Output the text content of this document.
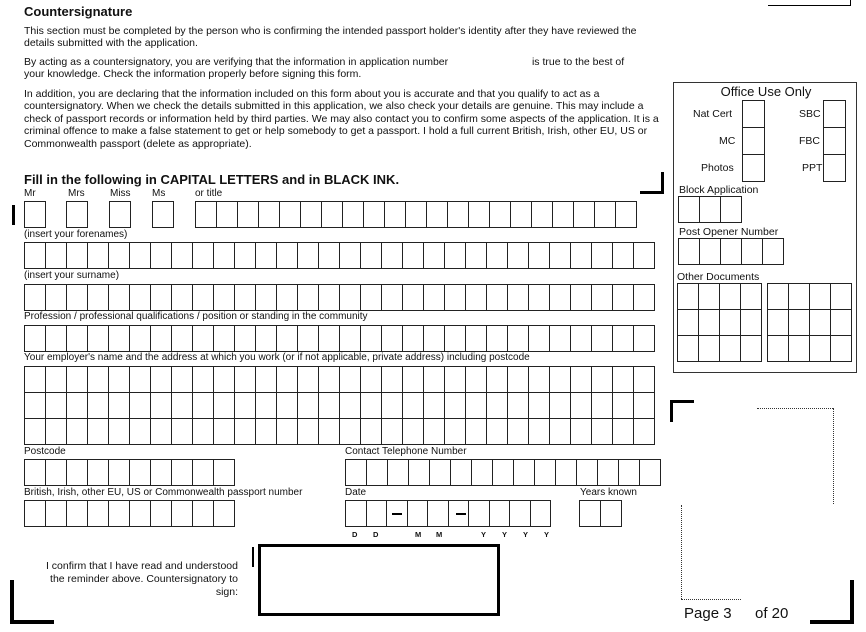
Countersignature
This section must be completed by the person who is confirming the intended passport holder's identity after they have reviewed the details submitted with the application.
By acting as a countersignatory, you are verifying that the information in application number	is true to the best of
your knowledge. Check the information properly before signing this form.
In addition, you are declaring that the information included on this form about you is accurate and that you qualify to act as a countersignatory. When we check the details submitted in this application, we also check your details are genuine. This may include a check of passport records or information held by third parties. We may also contact you to confirm some aspects of the application. It is a criminal offence to make a false statement to get or help somebody to get a passport. I hold a full current British, Irish, other EU, US or Commonwealth passport (delete as appropriate).
Fill in the following in CAPITAL LETTERS and in BLACK INK.
Mr	Mrs	Miss Ms	or title
(insert your forenames)
(insert your surname)
Profession / professional qualifications / position or standing in the community
Your employer's name and the address at which you work (or if not applicable, private address) including postcode
Postcode	Contact Telephone Number
British, Irish, other EU, US or Commonwealth passport number	Date	Years known
D D	M M	Y Y Y Y
I confirm that I have read and understood
the reminder above. Countersignatory to
sign:
Office Use Only
Nat Cert	SBC
MC	FBC
Photos	PPT
Block Application
Post Opener Number
Other Documents
Page 3 of 20
